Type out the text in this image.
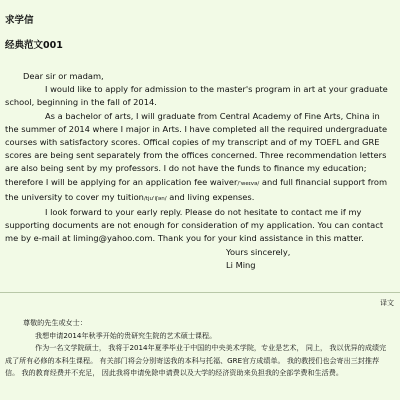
求学信
经典范文001

Dear sir or madam,

I would like to apply for admission to the master's program in art at your graduate school, beginning in the fall of 2014.

As a bachelor of arts, I will graduate from Central Academy of Fine Arts, China in the summer of 2014 where I major in Arts. I have completed all the required undergraduate courses with satisfactory scores. Offical copies of my transcript and of my TOEFL and GRE scores are being sent separately from the offices concerned. Three recommendation letters are also being sent by my professors. I do not have the funds to finance my education; therefore I will be applying for an application fee waiver/'weɪvə/ and full financial support from the university to cover my tuition/tju'iʃən/ and living expenses.

I look forward to your early reply. Please do not hesitate to contact me if my supporting documents are not enough for consideration of my application. You can contact me by e-mail at liming@yahoo.com. Thank you for your kind assistance in this matter.

Yours sincerely,

Li Ming

译文

尊敬的先生或女士：

我想申请2014年秋季开始的贵研究生院的艺术硕士课程。

作为一名文学院硕士， 我将于2014年夏季毕业于中国的中央美术学院，专业是艺术， 同上， 我以优异的成绩完成了所有必修的本科生课程。 有关部门将会分别寄送我的本科与托福、GRE官方成绩单。 我的教授们也会寄出三封推荐信。 我的教育经费并不充足， 因此我将申请免除申请费以及大学的经济资助来负担我的全部学费和生活费。
